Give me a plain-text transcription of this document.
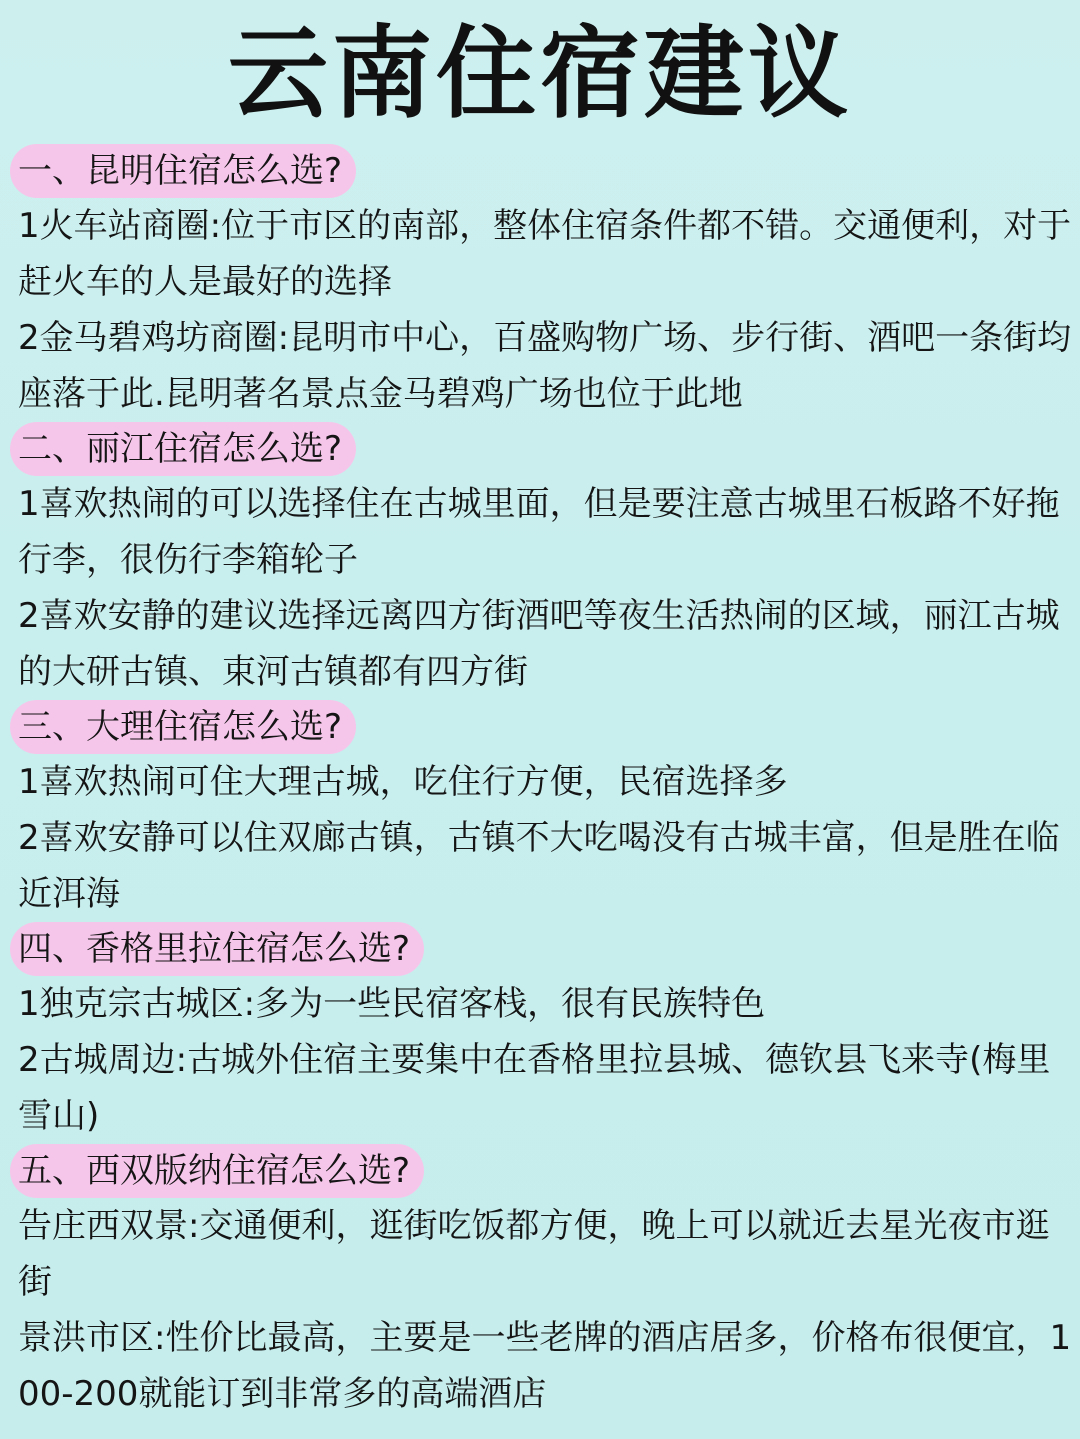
云南住宿建议
一、昆明住宿怎么选?

1火车站商圈:位于市区的南部，整体住宿条件都不错。交通便利，对于赶火车的人是最好的选择

2金马碧鸡坊商圈:昆明市中心，百盛购物广场、步行街、酒吧一条街均座落于此.昆明著名景点金马碧鸡广场也位于此地

二、丽江住宿怎么选?

1喜欢热闹的可以选择住在古城里面，但是要注意古城里石板路不好拖行李，很伤行李箱轮子

2喜欢安静的建议选择远离四方街酒吧等夜生活热闹的区域，丽江古城的大研古镇、束河古镇都有四方街

三、大理住宿怎么选?

1喜欢热闹可住大理古城，吃住行方便，民宿选择多

2喜欢安静可以住双廊古镇，古镇不大吃喝没有古城丰富，但是胜在临近洱海

四、香格里拉住宿怎么选?

1独克宗古城区:多为一些民宿客栈，很有民族特色

2古城周边:古城外住宿主要集中在香格里拉县城、德钦县飞来寺(梅里雪山)

五、西双版纳住宿怎么选?

告庄西双景:交通便利，逛街吃饭都方便，晚上可以就近去星光夜市逛街

景洪市区:性价比最高，主要是一些老牌的酒店居多，价格布很便宜，100-200就能订到非常多的高端酒店
